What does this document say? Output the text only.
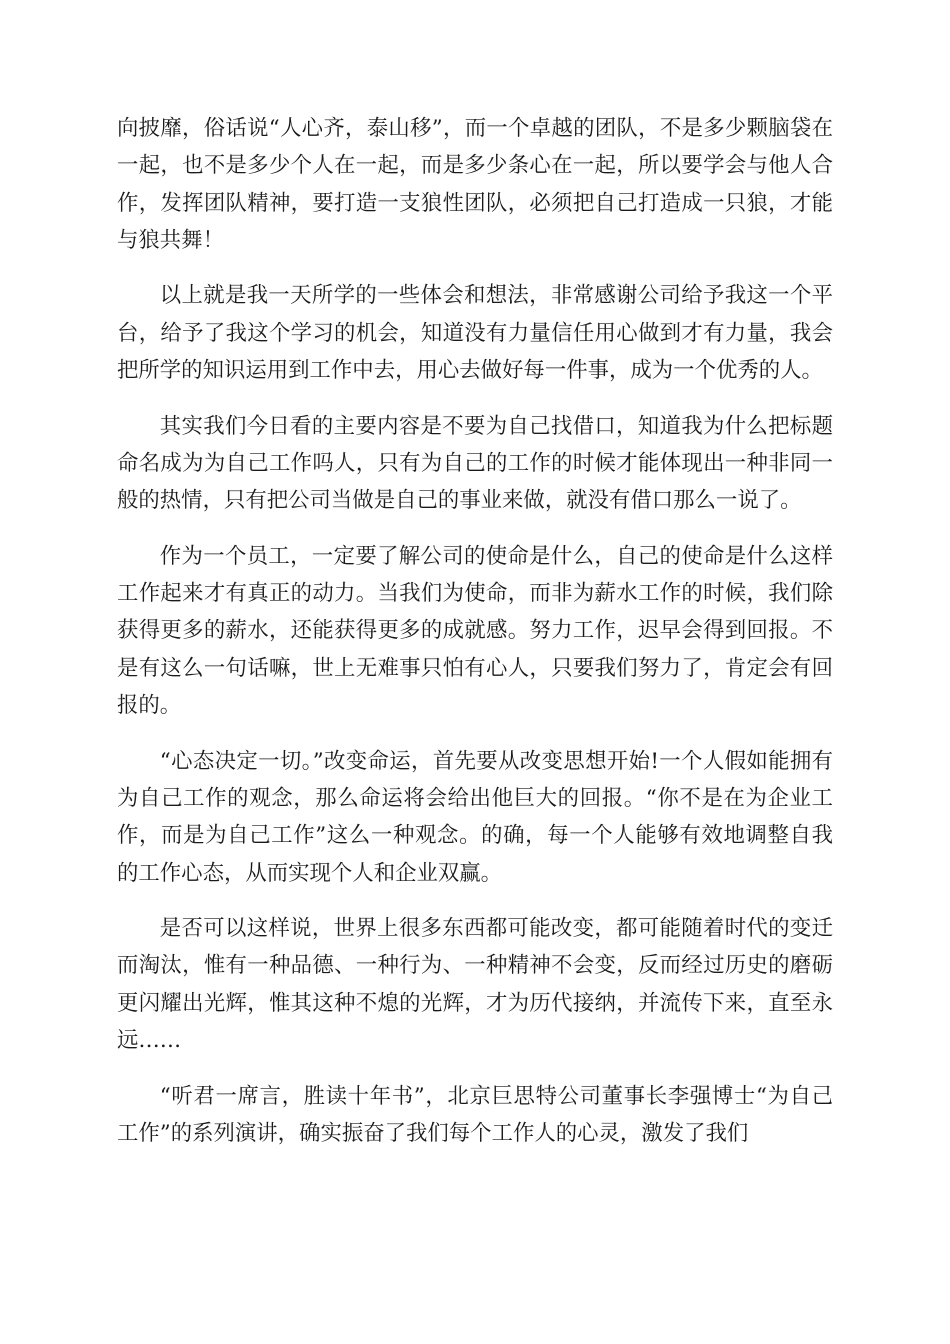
向披靡，俗话说“人心齐，泰山移”，而一个卓越的团队，不是多少颗脑袋在一起，也不是多少个人在一起，而是多少条心在一起，所以要学会与他人合作，发挥团队精神，要打造一支狼性团队，必须把自己打造成一只狼，才能与狼共舞！

以上就是我一天所学的一些体会和想法，非常感谢公司给予我这一个平台，给予了我这个学习的机会，知道没有力量信任用心做到才有力量，我会把所学的知识运用到工作中去，用心去做好每一件事，成为一个优秀的人。

其实我们今日看的主要内容是不要为自己找借口，知道我为什么把标题命名成为为自己工作吗人，只有为自己的工作的时候才能体现出一种非同一般的热情，只有把公司当做是自己的事业来做，就没有借口那么一说了。

作为一个员工，一定要了解公司的使命是什么，自己的使命是什么这样工作起来才有真正的动力。当我们为使命，而非为薪水工作的时候，我们除获得更多的薪水，还能获得更多的成就感。努力工作，迟早会得到回报。不是有这么一句话嘛，世上无难事只怕有心人，只要我们努力了，肯定会有回报的。

“心态决定一切。”改变命运，首先要从改变思想开始!一个人假如能拥有为自己工作的观念，那么命运将会给出他巨大的回报。“你不是在为企业工作，而是为自己工作”这么一种观念。的确，每一个人能够有效地调整自我的工作心态，从而实现个人和企业双赢。

是否可以这样说，世界上很多东西都可能改变，都可能随着时代的变迁而淘汰，惟有一种品德、一种行为、一种精神不会变，反而经过历史的磨砺更闪耀出光辉，惟其这种不熄的光辉，才为历代接纳，并流传下来，直至永远……

“听君一席言，胜读十年书”，北京巨思特公司董事长李强博士“为自己工作”的系列演讲，确实振奋了我们每个工作人的心灵，激发了我们
